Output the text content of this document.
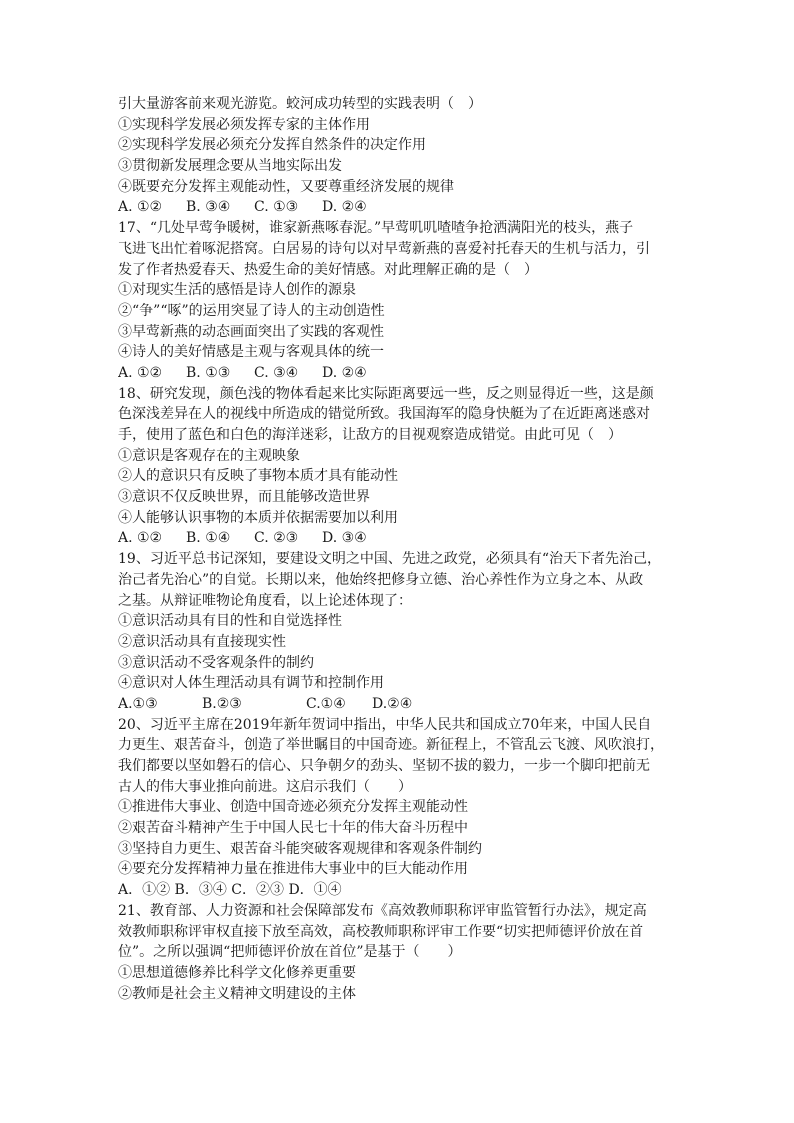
引大量游客前来观光游览。蛟河成功转型的实践表明（　）
①实现科学发展必须发挥专家的主体作用
②实现科学发展必须充分发挥自然条件的决定作用
③贯彻新发展理念要从当地实际出发
④既要充分发挥主观能动性，又要尊重经济发展的规律
A. ①② B. ③④ C. ①③ D. ②④
17、“几处早莺争暖树，谁家新燕啄春泥。”早莺叽叽喳喳争抢洒满阳光的枝头，燕子
飞进飞出忙着啄泥搭窝。白居易的诗句以对早莺新燕的喜爱衬托春天的生机与活力，引
发了作者热爱春天、热爱生命的美好情感。对此理解正确的是（　）
①对现实生活的感悟是诗人创作的源泉
②“争”“啄”的运用突显了诗人的主动创造性
③早莺新燕的动态画面突出了实践的客观性
④诗人的美好情感是主观与客观具体的统一
A. ①② B. ①③ C. ③④ D. ②④
18、研究发现，颜色浅的物体看起来比实际距离要远一些，反之则显得近一些，这是颜
色深浅差异在人的视线中所造成的错觉所致。我国海军的隐身快艇为了在近距离迷惑对
手，使用了蓝色和白色的海洋迷彩，让敌方的目视观察造成错觉。由此可见（　）
①意识是客观存在的主观映象
②人的意识只有反映了事物本质才具有能动性
③意识不仅反映世界，而且能够改造世界
④人能够认识事物的本质并依据需要加以利用
A. ①② B. ①④ C. ②③ D. ③④
19、习近平总书记深知，要建设文明之中国、先进之政党，必须具有“治天下者先治己，
治己者先治心”的自觉。长期以来，他始终把修身立德、治心养性作为立身之本、从政
之基。从辩证唯物论角度看，以上论述体现了：
①意识活动具有目的性和自觉选择性
②意识活动具有直接现实性
③意识活动不受客观条件的制约
④意识对人体生理活动具有调节和控制作用
A.①③	B.②③	C.①④ D.②④
20、习近平主席在2019年新年贺词中指出，中华人民共和国成立70年来，中国人民自
力更生、艰苦奋斗，创造了举世瞩目的中国奇迹。新征程上，不管乱云飞渡、风吹浪打，
我们都要以坚如磐石的信心、只争朝夕的劲头、坚韧不拔的毅力，一步一个脚印把前无
古人的伟大事业推向前进。这启示我们（　　）
①推进伟大事业、创造中国奇迹必须充分发挥主观能动性
②艰苦奋斗精神产生于中国人民七十年的伟大奋斗历程中
③坚持自力更生、艰苦奋斗能突破客观规律和客观条件制约
④要充分发挥精神力量在推进伟大事业中的巨大能动作用
A．①② B．③④ C．②③ D．①④
21、教育部、人力资源和社会保障部发布《高效教师职称评审监管暂行办法》，规定高
效教师职称评审权直接下放至高效，高校教师职称评审工作要“切实把师德评价放在首
位”。之所以强调“把师德评价放在首位”是基于（　　）
①思想道德修养比科学文化修养更重要
②教师是社会主义精神文明建设的主体
